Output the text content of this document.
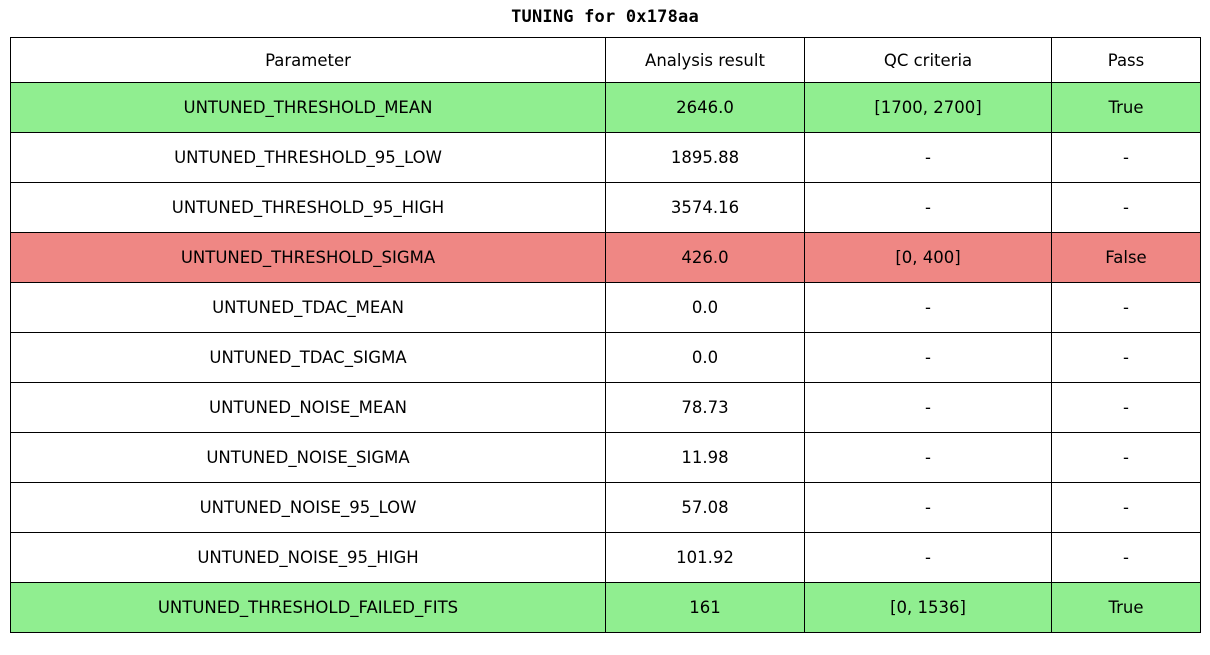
TUNING for 0x178aa
Parameter	Analysis result	QC criteria	Pass
UNTUNED_THRESHOLD_MEAN	2646.0	[1700, 2700]	True
UNTUNED_THRESHOLD_95_LOW	1895.88	-	-
UNTUNED_THRESHOLD_95_HIGH	3574.16	-	-
UNTUNED_THRESHOLD_SIGMA	426.0	[0, 400]	False
UNTUNED_TDAC_MEAN	0.0	-	-
UNTUNED_TDAC_SIGMA	0.0	-	-
UNTUNED_NOISE_MEAN	78.73	-	-
UNTUNED_NOISE_SIGMA	11.98	-	-
UNTUNED_NOISE_95_LOW	57.08	-	-
UNTUNED_NOISE_95_HIGH	101.92	-	-
UNTUNED_THRESHOLD_FAILED_FITS	161	[0, 1536]	True
